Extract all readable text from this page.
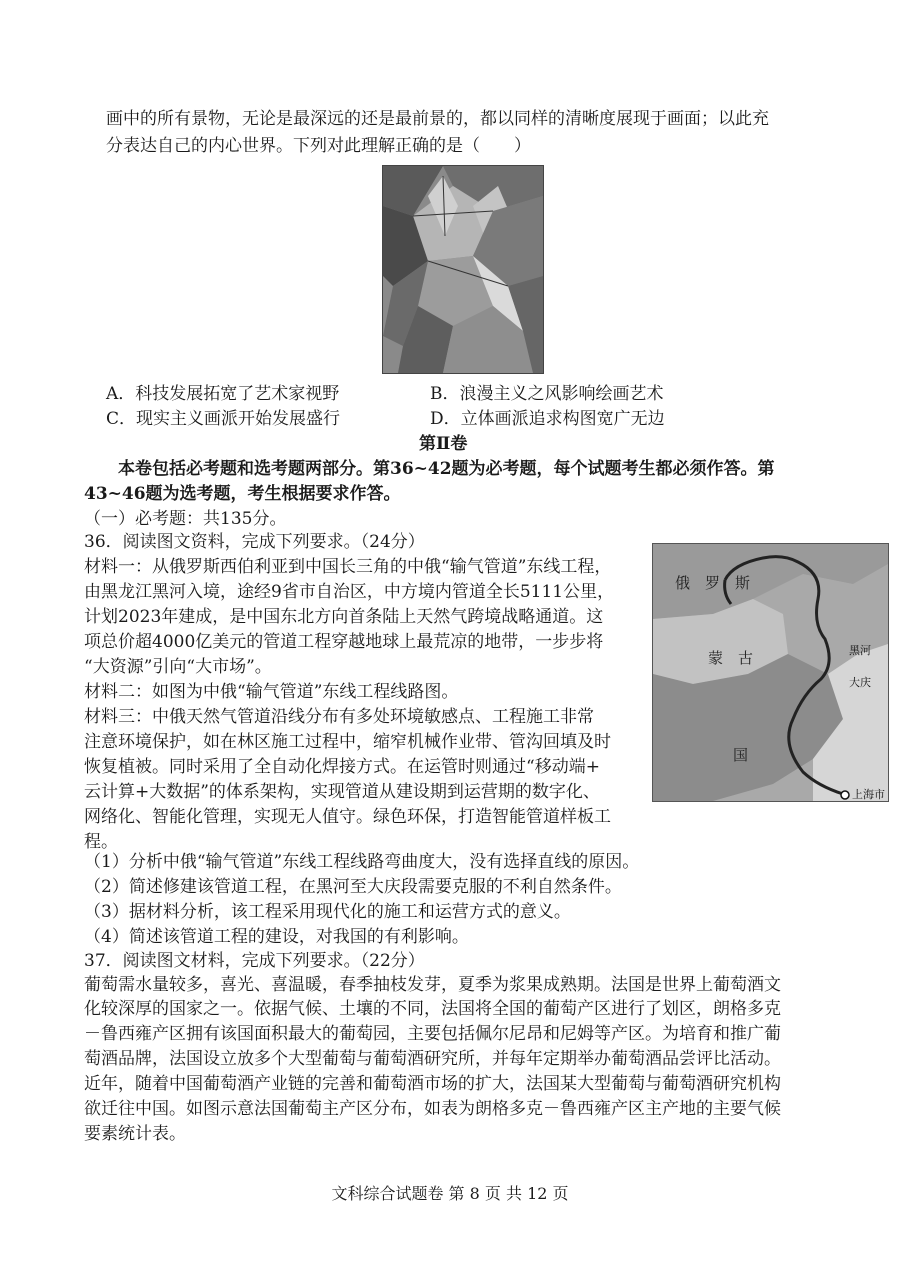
画中的所有景物，无论是最深远的还是最前景的，都以同样的清晰度展现于画面；以此充
分表达自己的内心世界。下列对此理解正确的是（　　）
A．科技发展拓宽了艺术家视野	B．浪漫主义之风影响绘画艺术
C．现实主义画派开始发展盛行	D．立体画派追求构图宽广无边
第Ⅱ卷
本卷包括必考题和选考题两部分。第36~42题为必考题，每个试题考生都必须作答。第
43~46题为选考题，考生根据要求作答。
（一）必考题：共135分。
36．阅读图文资料，完成下列要求。（24分）
材料一：从俄罗斯西伯利亚到中国长三角的中俄“输气管道”东线工程，
由黑龙江黑河入境，途经9省市自治区，中方境内管道全长5111公里，
计划2023年建成，是中国东北方向首条陆上天然气跨境战略通道。这
项总价超4000亿美元的管道工程穿越地球上最荒凉的地带，一步步将
“大资源”引向“大市场”。
材料二：如图为中俄“输气管道”东线工程线路图。
材料三：中俄天然气管道沿线分布有多处环境敏感点、工程施工非常
注意环境保护，如在林区施工过程中，缩窄机械作业带、管沟回填及时
恢复植被。同时采用了全自动化焊接方式。在运管时则通过“移动端+
云计算+大数据”的体系架构，实现管道从建设期到运营期的数字化、
网络化、智能化管理，实现无人值守。绿色环保，打造智能管道样板工
程。
俄　罗　斯
蒙　古
国
黑河
大庆
上海市
（1）分析中俄“输气管道”东线工程线路弯曲度大，没有选择直线的原因。
（2）简述修建该管道工程，在黑河至大庆段需要克服的不利自然条件。
（3）据材料分析，该工程采用现代化的施工和运营方式的意义。
（4）简述该管道工程的建设，对我国的有利影响。
37．阅读图文材料，完成下列要求。（22分）
葡萄需水量较多，喜光、喜温暖，春季抽枝发芽，夏季为浆果成熟期。法国是世界上葡萄酒文
化较深厚的国家之一。依据气候、土壤的不同，法国将全国的葡萄产区进行了划区，朗格多克
－鲁西雍产区拥有该国面积最大的葡萄园，主要包括佩尔尼昂和尼姆等产区。为培育和推广葡
萄酒品牌，法国设立放多个大型葡萄与葡萄酒研究所，并每年定期举办葡萄酒品尝评比活动。
近年，随着中国葡萄酒产业链的完善和葡萄酒市场的扩大，法国某大型葡萄与葡萄酒研究机构
欲迁往中国。如图示意法国葡萄主产区分布，如表为朗格多克－鲁西雍产区主产地的主要气候
要素统计表。
文科综合试题卷 第 8 页 共 12 页
